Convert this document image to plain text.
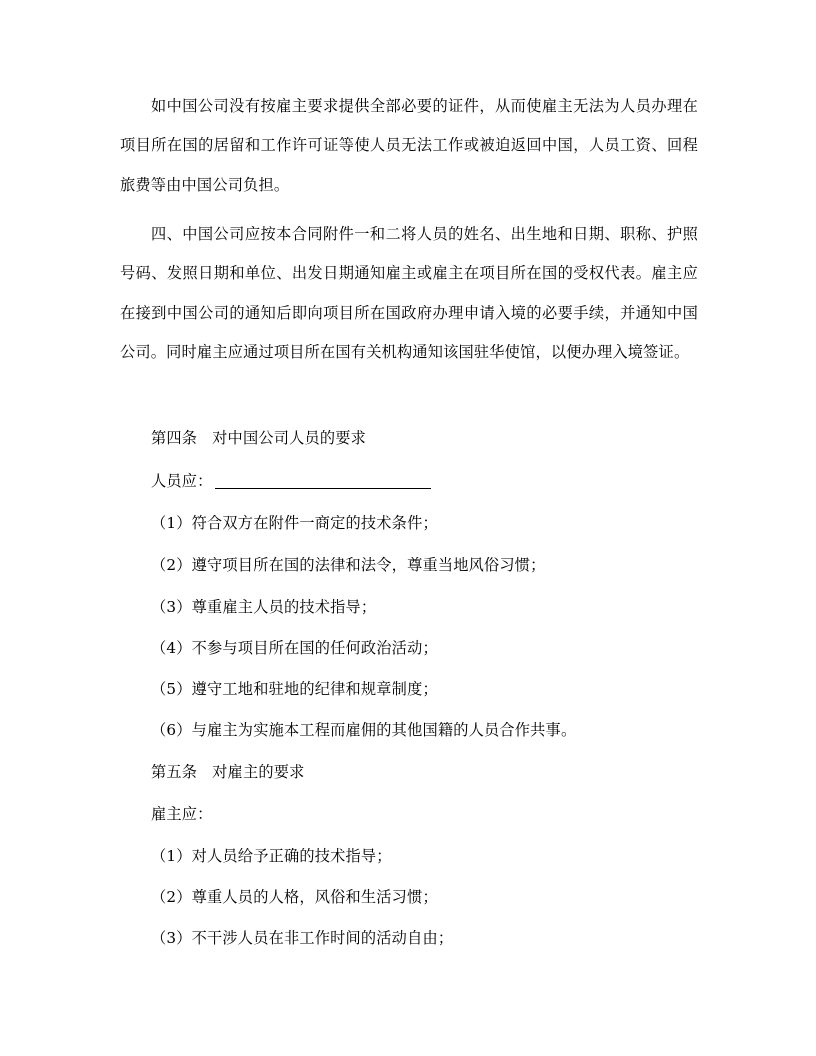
如中国公司没有按雇主要求提供全部必要的证件，从而使雇主无法为人员办理在项目所在国的居留和工作许可证等使人员无法工作或被迫返回中国，人员工资、回程旅费等由中国公司负担。

四、中国公司应按本合同附件一和二将人员的姓名、出生地和日期、职称、护照号码、发照日期和单位、出发日期通知雇主或雇主在项目所在国的受权代表。雇主应在接到中国公司的通知后即向项目所在国政府办理申请入境的必要手续，并通知中国公司。同时雇主应通过项目所在国有关机构通知该国驻华使馆，以便办理入境签证。

第四条 对中国公司人员的要求

人员应：

（1）符合双方在附件一商定的技术条件；

（2）遵守项目所在国的法律和法令，尊重当地风俗习惯；

（3）尊重雇主人员的技术指导；

（4）不参与项目所在国的任何政治活动；

（5）遵守工地和驻地的纪律和规章制度；

（6）与雇主为实施本工程而雇佣的其他国籍的人员合作共事。

第五条 对雇主的要求

雇主应：

（1）对人员给予正确的技术指导；

（2）尊重人员的人格，风俗和生活习惯；

（3）不干涉人员在非工作时间的活动自由；
